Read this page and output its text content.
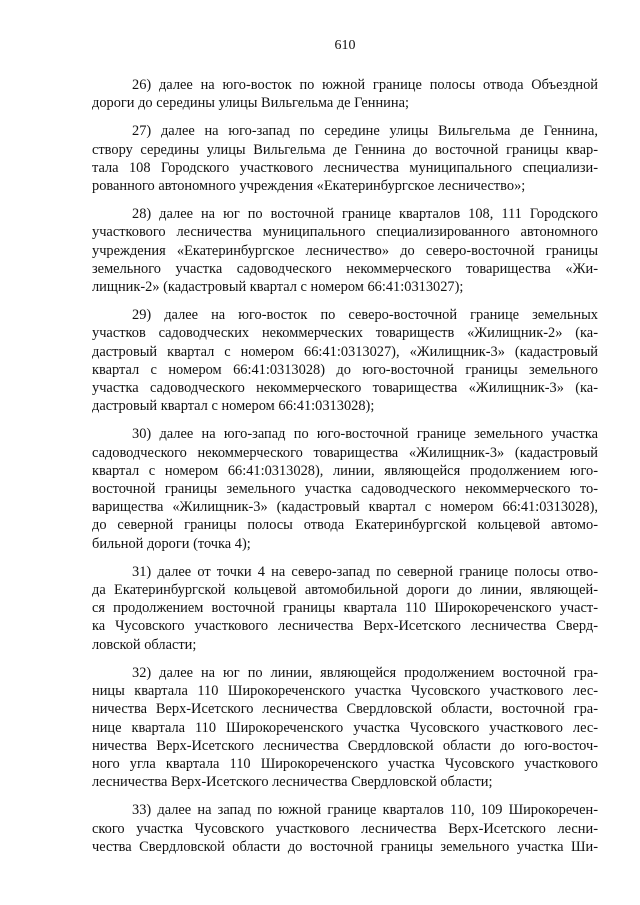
610
26) далее на юго-восток по южной границе полосы отвода Объездной
дороги до середины улицы Вильгельма де Геннина;
27) далее на юго-запад по середине улицы Вильгельма де Геннина,
створу середины улицы Вильгельма де Геннина до восточной границы квар-
тала 108 Городского участкового лесничества муниципального специализи-
рованного автономного учреждения «Екатеринбургское лесничество»;
28) далее на юг по восточной границе кварталов 108, 111 Городского
участкового лесничества муниципального специализированного автономного
учреждения «Екатеринбургское лесничество» до северо-восточной границы
земельного участка садоводческого некоммерческого товарищества «Жи-
лищник-2» (кадастровый квартал с номером 66:41:0313027);
29) далее на юго-восток по северо-восточной границе земельных
участков садоводческих некоммерческих товариществ «Жилищник-2» (ка-
дастровый квартал с номером 66:41:0313027), «Жилищник-3» (кадастровый
квартал с номером 66:41:0313028) до юго-восточной границы земельного
участка садоводческого некоммерческого товарищества «Жилищник-3» (ка-
дастровый квартал с номером 66:41:0313028);
30) далее на юго-запад по юго-восточной границе земельного участка
садоводческого некоммерческого товарищества «Жилищник-3» (кадастровый
квартал с номером 66:41:0313028), линии, являющейся продолжением юго-
восточной границы земельного участка садоводческого некоммерческого то-
варищества «Жилищник-3» (кадастровый квартал с номером 66:41:0313028),
до северной границы полосы отвода Екатеринбургской кольцевой автомо-
бильной дороги (точка 4);
31) далее от точки 4 на северо-запад по северной границе полосы отво-
да Екатеринбургской кольцевой автомобильной дороги до линии, являющей-
ся продолжением восточной границы квартала 110 Широкореченского участ-
ка Чусовского участкового лесничества Верх-Исетского лесничества Сверд-
ловской области;
32) далее на юг по линии, являющейся продолжением восточной гра-
ницы квартала 110 Широкореченского участка Чусовского участкового лес-
ничества Верх-Исетского лесничества Свердловской области, восточной гра-
нице квартала 110 Широкореченского участка Чусовского участкового лес-
ничества Верх-Исетского лесничества Свердловской области до юго-восточ-
ного угла квартала 110 Широкореченского участка Чусовского участкового
лесничества Верх-Исетского лесничества Свердловской области;
33) далее на запад по южной границе кварталов 110, 109 Широкоречен-
ского участка Чусовского участкового лесничества Верх-Исетского лесни-
чества Свердловской области до восточной границы земельного участка Ши-
